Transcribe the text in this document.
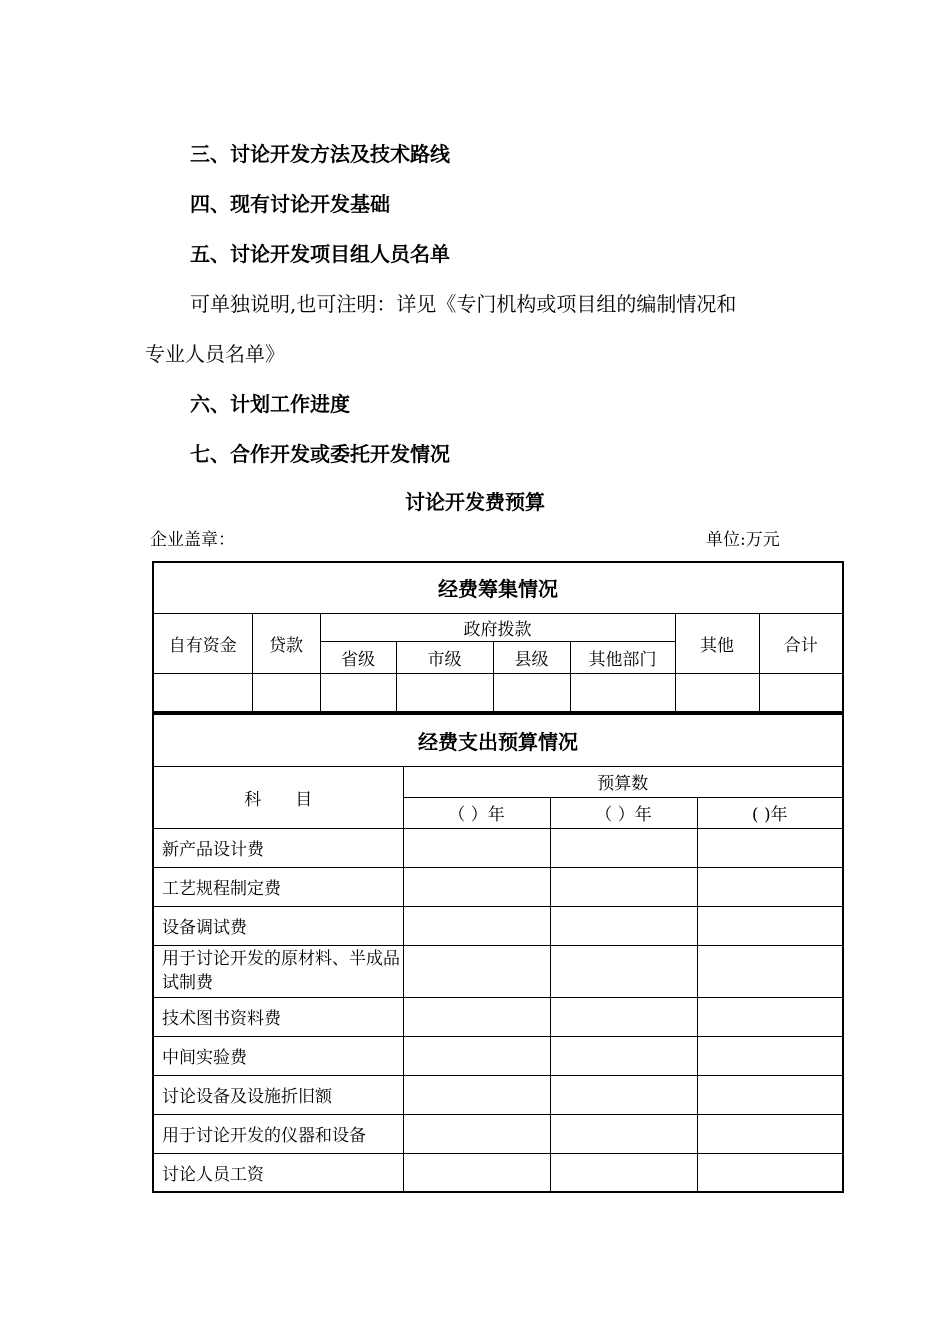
三、讨论开发方法及技术路线
四、现有讨论开发基础
五、讨论开发项目组人员名单
可单独说明,也可注明：详见《专门机构或项目组的编制情况和
专业人员名单》
六、计划工作进度
七、合作开发或委托开发情况
讨论开发费预算
企业盖章：	单位:万元
经费筹集情况							
自有资金	贷款	政府拨款				其他	合计
		省级	市级	县级	其他部门		

经费支出预算情况			
科　　目	预算数		
	（ ）年	（ ）年	( )年
新产品设计费			
工艺规程制定费			
设备调试费			
用于讨论开发的原材料、半成品试制费			
技术图书资料费			
中间实验费			
讨论设备及设施折旧额			
用于讨论开发的仪器和设备			
讨论人员工资			
